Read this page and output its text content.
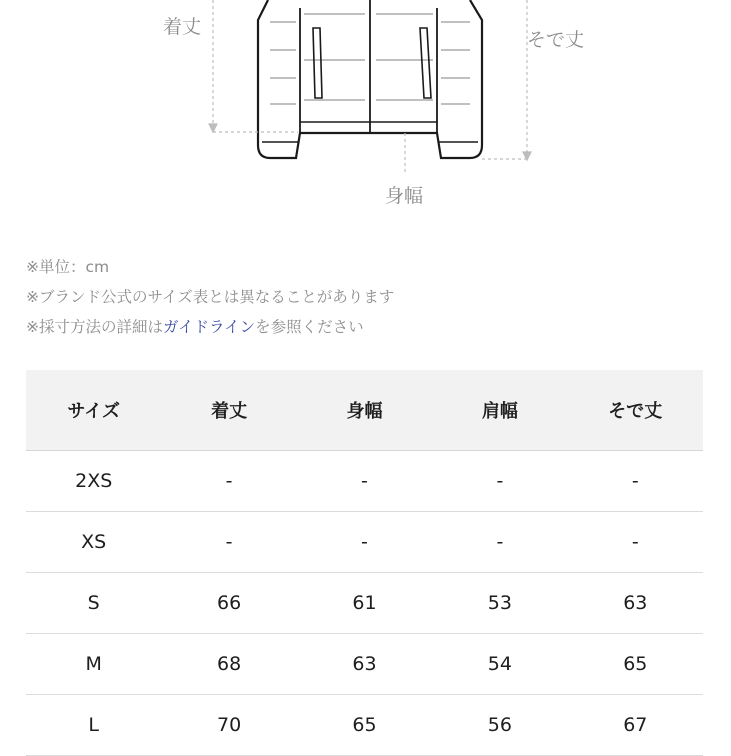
着丈
そで丈
身幅
※単位：cm
※ブランド公式のサイズ表とは異なることがあります
※採寸方法の詳細はガイドラインを参照ください
サイズ	着丈	身幅	肩幅	そで丈
2XS	-	-	-	-
XS	-	-	-	-
S	66	61	53	63
M	68	63	54	65
L	70	65	56	67
